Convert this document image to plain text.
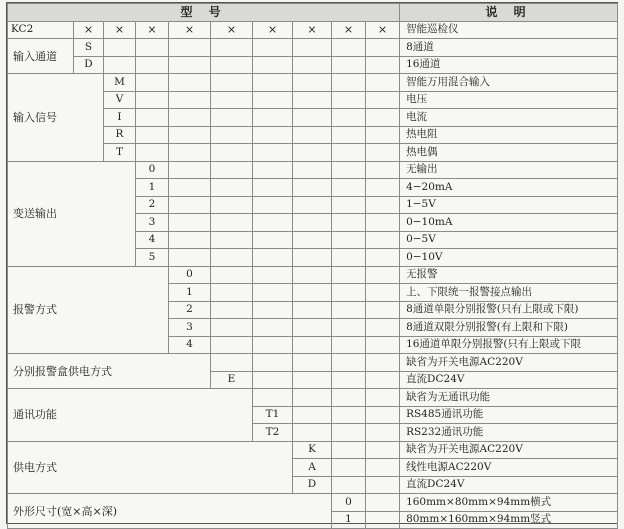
型 号										说 明
KC2	×	×	×	×	×	×	×	×	×	智能巡检仪
输入通道	S									8通道
	D									16通道
输入信号		M								智能万用混合输入
		V								电压
		I								电流
		R								热电阻
		T								热电偶
变送输出			0							无输出
			1							4−20mA
			2							1−5V
			3							0−10mA
			4							0−5V
			5							0−10V
报警方式				0						无报警
				1						上、下限统一报警接点输出
				2						8通道单限分别报警(只有上限或下限)
				3						8通道双限分别报警(有上限和下限)
				4						16通道单限分别报警(只有上限或下限
分别报警盒供电方式										缺省为开关电源AC220V
					E					直流DC24V
通讯功能										缺省为无通讯功能
						T1				RS485通讯功能
						T2				RS232通讯功能
供电方式							K			缺省为开关电源AC220V
							A			线性电源AC220V
							D			直流DC24V
外形尺寸(宽×高×深)								0		160mm×80mm×94mm横式
								1		80mm×160mm×94mm竖式
